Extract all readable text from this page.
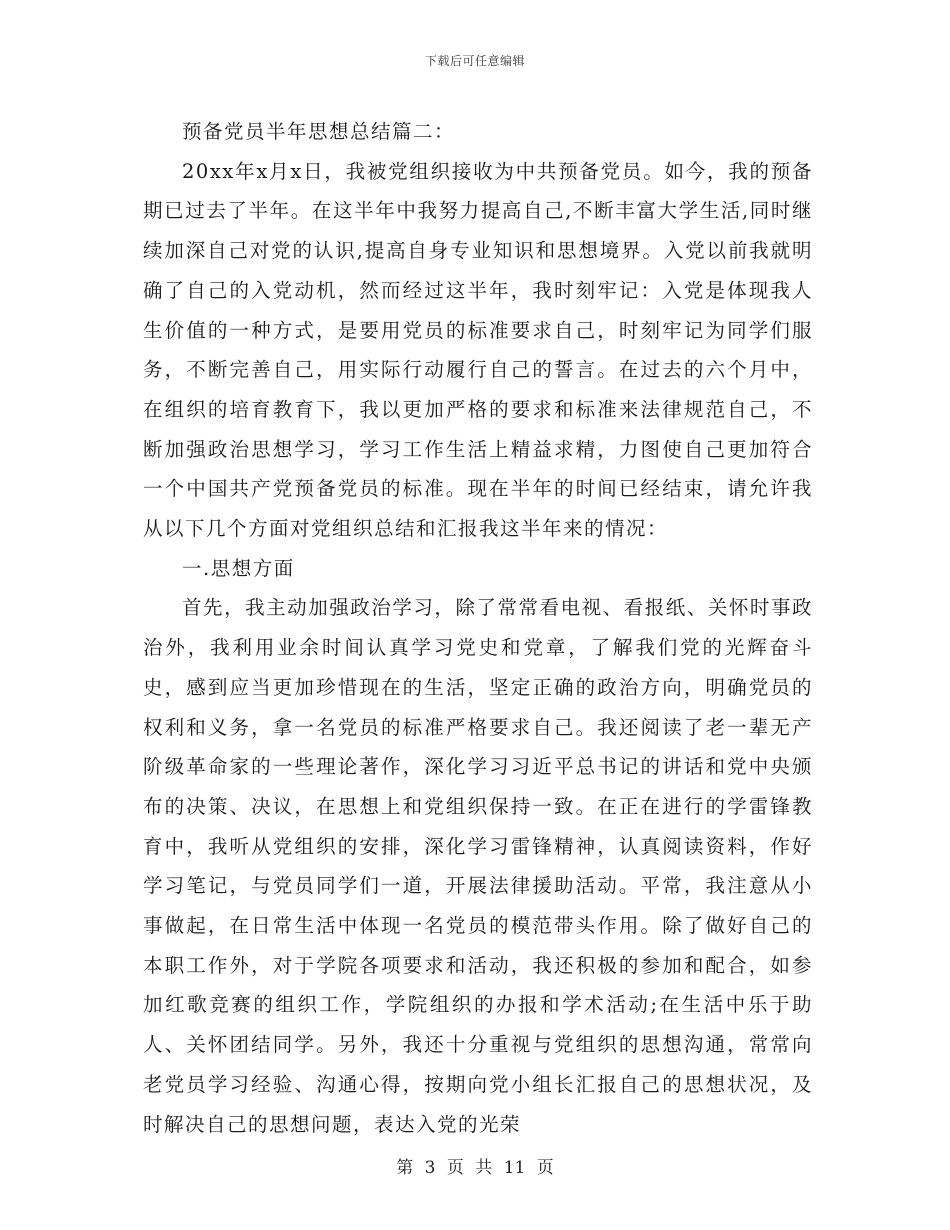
下载后可任意编辑

预备党员半年思想总结篇二：

20xx年x月x日，我被党组织接收为中共预备党员。如今，我的预备期已过去了半年。在这半年中我努力提高自己,不断丰富大学生活,同时继续加深自己对党的认识,提高自身专业知识和思想境界。入党以前我就明确了自己的入党动机，然而经过这半年，我时刻牢记：入党是体现我人生价值的一种方式，是要用党员的标准要求自己，时刻牢记为同学们服务，不断完善自己，用实际行动履行自己的誓言。在过去的六个月中，在组织的培育教育下，我以更加严格的要求和标准来法律规范自己，不断加强政治思想学习，学习工作生活上精益求精，力图使自己更加符合一个中国共产党预备党员的标准。现在半年的时间已经结束，请允许我从以下几个方面对党组织总结和汇报我这半年来的情况：

一.思想方面

首先，我主动加强政治学习，除了常常看电视、看报纸、关怀时事政治外，我利用业余时间认真学习党史和党章，了解我们党的光辉奋斗史，感到应当更加珍惜现在的生活，坚定正确的政治方向，明确党员的权利和义务，拿一名党员的标准严格要求自己。我还阅读了老一辈无产阶级革命家的一些理论著作，深化学习习近平总书记的讲话和党中央颁布的决策、决议，在思想上和党组织保持一致。在正在进行的学雷锋教育中，我听从党组织的安排，深化学习雷锋精神，认真阅读资料，作好学习笔记，与党员同学们一道，开展法律援助活动。平常，我注意从小事做起，在日常生活中体现一名党员的模范带头作用。除了做好自己的本职工作外，对于学院各项要求和活动，我还积极的参加和配合，如参加红歌竞赛的组织工作，学院组织的办报和学术活动;在生活中乐于助人、关怀团结同学。另外，我还十分重视与党组织的思想沟通，常常向老党员学习经验、沟通心得，按期向党小组长汇报自己的思想状况，及时解决自己的思想问题，表达入党的光荣

第 3 页 共 11 页
